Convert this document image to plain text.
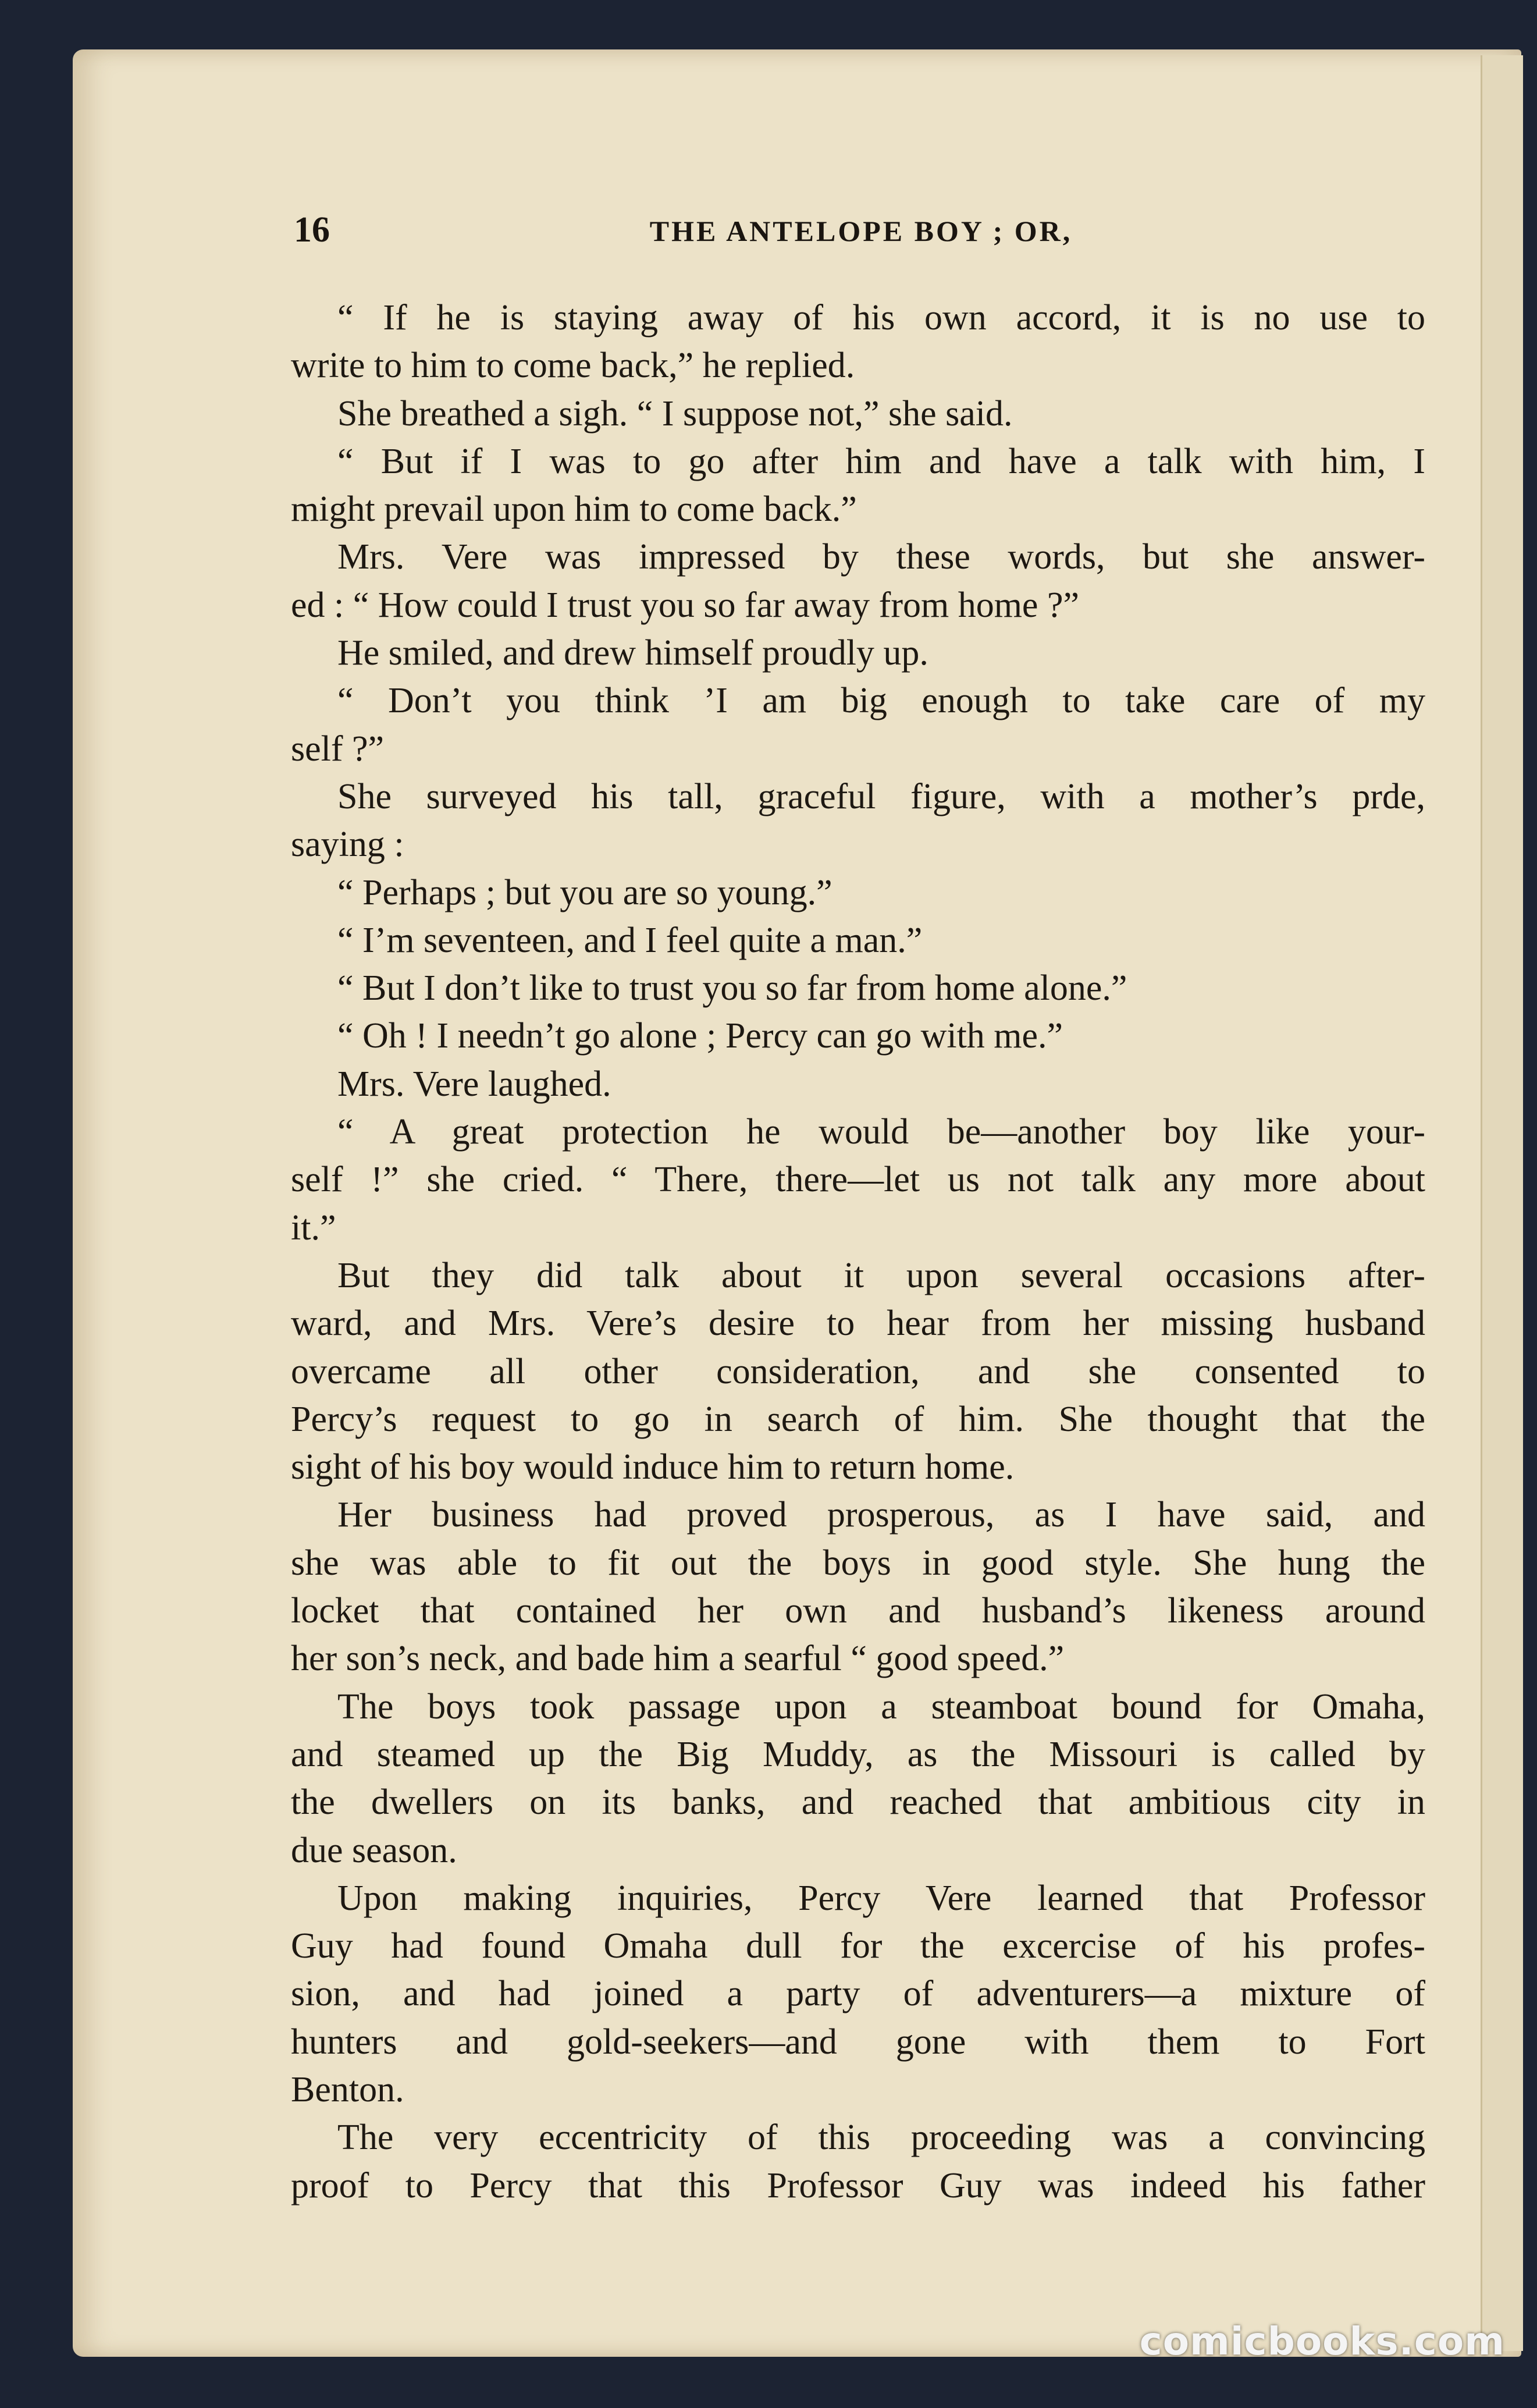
16	THE ANTELOPE BOY ; OR,
“ If he is staying away of his own accord, it is no use to
write to him to come back,” he replied.
She breathed a sigh. “ I suppose not,” she said.
“ But if I was to go after him and have a talk with him, I
might prevail upon him to come back.”
Mrs. Vere was impressed by these words, but she answer-
ed : “ How could I trust you so far away from home ?”
He smiled, and drew himself proudly up.
“ Don’t you think ’I am big enough to take care of my
self ?”
She surveyed his tall, graceful figure, with a mother’s prde,
saying :
“ Perhaps ; but you are so young.”
“ I’m seventeen, and I feel quite a man.”
“ But I don’t like to trust you so far from home alone.”
“ Oh ! I needn’t go alone ; Percy can go with me.”
Mrs. Vere laughed.
“ A great protection he would be—another boy like your-
self !” she cried. “ There, there—let us not talk any more about
it.”
But they did talk about it upon several occasions after-
ward, and Mrs. Vere’s desire to hear from her missing husband
overcame all other consideration, and she consented to
Percy’s request to go in search of him. She thought that the
sight of his boy would induce him to return home.
Her business had proved prosperous, as I have said, and
she was able to fit out the boys in good style. She hung the
locket that contained her own and husband’s likeness around
her son’s neck, and bade him a searful “ good speed.”
The boys took passage upon a steamboat bound for Omaha,
and steamed up the Big Muddy, as the Missouri is called by
the dwellers on its banks, and reached that ambitious city in
due season.
Upon making inquiries, Percy Vere learned that Professor
Guy had found Omaha dull for the excercise of his profes-
sion, and had joined a party of adventurers—a mixture of
hunters and gold-seekers—and gone with them to Fort
Benton.
The very eccentricity of this proceeding was a convincing
proof to Percy that this Professor Guy was indeed his father
comicbooks.com
